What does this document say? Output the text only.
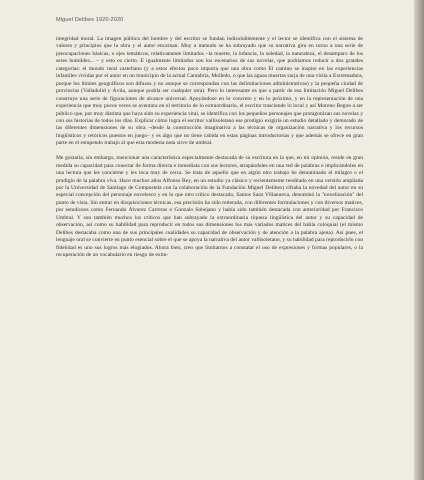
Miguel Delibes 1920-2020

integridad moral. La imagen pública del hombre y del escritor se fundan indisolublemente y el lector se identifica con el sistema de valores y principios que la obra y el autor encarnan. Muy a menudo se ha subrayado que su narrativa gira en torno a una serie de preocupaciones básicas, o ejes temáticos, relativamente limitados –la muerte, la infancia, la soledad, la naturaleza, el desamparo de los seres humildes... – y esto es cierto. E igualmente limitados son los escenarios de sus novelas, que podríamos reducir a dos grandes categorías: el mundo rural castellano (y a estos efectos poco importa que una obra como El camino se inspire en las experiencias infantiles vividas por el autor en un municipio de la actual Cantabria, Molledo, o que las aguas muertas surja de una visita a Extremadura, porque los límites geográficos son difusos y no aunque se correspondan con las delimitaciones administrativas) y la pequeña ciudad de provincias (Valladolid y Ávila, aunque podría ser cualquier otra). Pero lo interesante es que a partir de esa limitación Miguel Delibes construye una serie de figuraciones de alcance universal. Apoyándose en lo concreto y en lo próximo, y en la representación de una experiencia que muy pocos veces se aventura en el territorio de lo extraordinario, el escritor trasciende lo local y así Moreno Begon a ser público que, por muy distinta que haya sido su experiencia vital, se identifica con los pequeños personajes que protagonizan sus novelas y con sus historias de todos los días. Explicar cómo logra el escritor vallisoletano ese prodigio exigiría un estudio detallado y demorado de las diferentes dimensiones de su obra –desde la construcción imaginativa a las técnicas de organización narrativa y los recursos lingüísticos y retóricos puestos en juego– y es algo que no tiene cabida en estas páginas introductorias y que además se ofrece en gran parte en el estupendo trabajo al que esta modesta nota sirve de umbral.

Me gustaría, sin embargo, mencionar una característica especialmente destacada de su escritura en la que, en mi opinión, reside en gran medida su capacidad para conectar de forma directa e inmediata con sus lectores, atrapándoles en una red de palabras e implicándoles en una lectura que les concierne y les toca muy de cerca. Se trata de aquello que en algún otro trabajo he denominado el milagro o el prodigio de la palabra viva. Hace muchos años Alfonso Rey, en un estudio ya clásico y recientemente reeditado en una versión ampliada por la Universidad de Santiago de Compostela con la colaboración de la Fundación Miguel Delibes) cifraba la novedad del autor en su especial concepción del personaje novelesco y en lo que otro crítico destacado, Santos Sanz Villanueva, denominó la "novelización" del punto de vista. Sin entrar en disquisiciones técnicas, esa precisión ha sido reiterada, con diferentes formulaciones y con diversos matices, por estudiosos como Fernando Álvarez Carreras o Gonzalo Sobejano y había sido también destacada con anterioridad por Francisco Umbral. Y son también muchos los críticos que han subrayado la extraordinaria riqueza lingüística del autor y su capacidad de observación, así como su habilidad para reproducir en todos sus dimensiones los más variados matices del habla coloquial (el mismo Delibes destacaba como una de sus principales cualidades su capacidad de observación y de atención a la palabra ajena). Así pues, el lenguaje oral se convierte en punto esencial sobre el que se apoya la narrativa del autor vallisoletano, y su habilidad para reproducirlo con fidelidad es uno sus logros más elogiados. Ahora bien, creo que limitarnos a constatar el uso de expresiones y formas populares, o la recuperación de un vocabulario en riesgo de extin-
